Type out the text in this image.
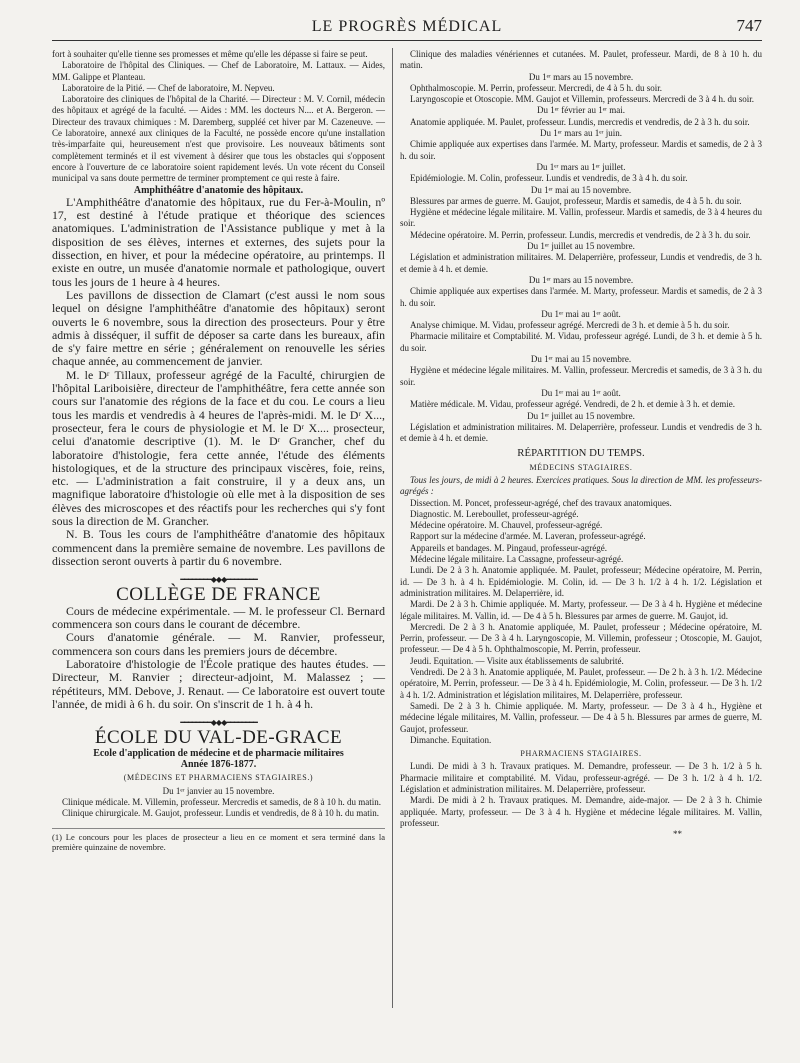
LE PROGRÈS MÉDICAL	747

fort à souhaiter qu'elle tienne ses promesses et même qu'elle les dépasse si faire se peut.

Laboratoire de l'hôpital des Cliniques. — Chef de Laboratoire, M. Lattaux. — Aides, MM. Galippe et Planteau.

Laboratoire de la Pitié. — Chef de laboratoire, M. Nepveu.

Laboratoire des cliniques de l'hôpital de la Charité. — Directeur : M. V. Cornil, médecin des hôpitaux et agrégé de la faculté. — Aides : MM. les docteurs N.... et A. Bergeron. — Directeur des travaux chimiques : M. Daremberg, suppléé cet hiver par M. Cazeneuve. — Ce laboratoire, annexé aux cliniques de la Faculté, ne possède encore qu'une installation très-imparfaite qui, heureusement n'est que provisoire. Les nouveaux bâtiments sont complètement terminés et il est vivement à désirer que tous les obstacles qui s'opposent encore à l'ouverture de ce laboratoire soient rapidement levés. Un vote récent du Conseil municipal va sans doute permettre de terminer promptement ce qui reste à faire.

Amphithéâtre d'anatomie des hôpitaux.

L'Amphithéâtre d'anatomie des hôpitaux, rue du Fer-à-Moulin, nº 17, est destiné à l'étude pratique et théorique des sciences anatomiques. L'administration de l'Assistance publique y met à la disposition de ses élèves, internes et externes, des sujets pour la dissection, en hiver, et pour la médecine opératoire, au printemps. Il existe en outre, un musée d'anatomie normale et pathologique, ouvert tous les jours de 1 heure à 4 heures.

Les pavillons de dissection de Clamart (c'est aussi le nom sous lequel on désigne l'amphithéâtre d'anatomie des hôpitaux) seront ouverts le 6 novembre, sous la direction des prosecteurs. Pour y être admis à disséquer, il suffit de déposer sa carte dans les bureaux, afin de s'y faire mettre en série ; généralement on renouvelle les séries chaque année, au commencement de janvier.

M. le Dʳ Tillaux, professeur agrégé de la Faculté, chirurgien de l'hôpital Lariboisière, directeur de l'amphithéâtre, fera cette année son cours sur l'anatomie des régions de la face et du cou. Le cours a lieu tous les mardis et vendredis à 4 heures de l'après-midi. M. le Dʳ X..., prosecteur, fera le cours de physiologie et M. le Dʳ X.... prosecteur, celui d'anatomie descriptive (1). M. le Dʳ Grancher, chef du laboratoire d'histologie, fera cette année, l'étude des éléments histologiques, et de la structure des principaux viscères, foie, reins, etc. — L'administration a fait construire, il y a deux ans, un magnifique laboratoire d'histologie où elle met à la disposition de ses élèves des microscopes et des réactifs pour les recherches qui s'y font sous la direction de M. Grancher.

N. B. Tous les cours de l'amphithéâtre d'anatomie des hôpitaux commencent dans la première semaine de novembre. Les pavillons de dissection seront ouverts à partir du 6 novembre.

━━━━━━━━◆◆◆━━━━━━━━
COLLÈGE DE FRANCE

Cours de médecine expérimentale. — M. le professeur Cl. Bernard commencera son cours dans le courant de décembre.

Cours d'anatomie générale. — M. Ranvier, professeur, commencera son cours dans les premiers jours de décembre.

Laboratoire d'histologie de l'École pratique des hautes études. — Directeur, M. Ranvier ; directeur-adjoint, M. Malassez ; — répétiteurs, MM. Debove, J. Renaut. — Ce laboratoire est ouvert toute l'année, de midi à 6 h. du soir. On s'inscrit de 1 h. à 4 h.

━━━━━━━━◆◆◆━━━━━━━━
ÉCOLE DU VAL-DE-GRACE
Ecole d'application de médecine et de pharmacie militaires
Année 1876-1877.
(MÉDECINS ET PHARMACIENS STAGIAIRES.)

Du 1ᵉʳ janvier au 15 novembre.

Clinique médicale. M. Villemin, professeur. Mercredis et samedis, de 8 à 10 h. du matin.

Clinique chirurgicale. M. Gaujot, professeur. Lundis et vendredis, de 8 à 10 h. du matin.

(1) Le concours pour les places de prosecteur a lieu en ce moment et sera terminé dans la première quinzaine de novembre.

Clinique des maladies vénériennes et cutanées. M. Paulet, professeur. Mardi, de 8 à 10 h. du matin.

Du 1ᵉʳ mars au 15 novembre.

Ophthalmoscopie. M. Perrin, professeur. Mercredi, de 4 à 5 h. du soir.

Laryngoscopie et Otoscopie. MM. Gaujot et Villemin, professeurs. Mercredi de 3 à 4 h. du soir.

Du 1ᵉʳ février au 1ᵉʳ mai.

Anatomie appliquée. M. Paulet, professeur. Lundis, mercredis et vendredis, de 2 à 3 h. du soir.

Du 1ᵉʳ mars au 1ᵉʳ juin.

Chimie appliquée aux expertises dans l'armée. M. Marty, professeur. Mardis et samedis, de 2 à 3 h. du soir.

Du 1ᵉʳ mars au 1ᵉʳ juillet.

Epidémiologie. M. Colin, professeur. Lundis et vendredis, de 3 à 4 h. du soir.

Du 1ᵉʳ mai au 15 novembre.

Blessures par armes de guerre. M. Gaujot, professeur, Mardis et samedis, de 4 à 5 h. du soir.

Hygiène et médecine légale militaire. M. Vallin, professeur. Mardis et samedis, de 3 à 4 heures du soir.

Médecine opératoire. M. Perrin, professeur. Lundis, mercredis et vendredis, de 2 à 3 h. du soir.

Du 1ᵉʳ juillet au 15 novembre.

Législation et administration militaires. M. Delaperrière, professeur, Lundis et vendredis, de 3 h. et demie à 4 h. et demie.

Du 1ᵉʳ mars au 15 novembre.

Chimie appliquée aux expertises dans l'armée. M. Marty, professeur. Mardis et samedis, de 2 à 3 h. du soir.

Du 1ᵉʳ mai au 1ᵉʳ août.

Analyse chimique. M. Vidau, professeur agrégé. Mercredi de 3 h. et demie à 5 h. du soir.

Pharmacie militaire et Comptabilité. M. Vidau, professeur agrégé. Lundi, de 3 h. et demie à 5 h. du soir.

Du 1ᵉʳ mai au 15 novembre.

Hygiène et médecine légale militaires. M. Vallin, professeur. Mercredis et samedis, de 3 à 3 h. du soir.

Du 1ᵉʳ mai au 1ᵉʳ août.

Matière médicale. M. Vidau, professeur agrégé. Vendredi, de 2 h. et demie à 3 h. et demie.

Du 1ᵉʳ juillet au 15 novembre.

Législation et administration militaires. M. Delaperrière, professeur. Lundis et vendredis de 3 h. et demie à 4 h. et demie.

RÉPARTITION DU TEMPS.
MÉDECINS STAGIAIRES.

Tous les jours, de midi à 2 heures. Exercices pratiques. Sous la direction de MM. les professeurs-agrégés :

Dissection. M. Poncet, professeur-agrégé, chef des travaux anatomiques.

Diagnostic. M. Lereboullet, professeur-agrégé.

Médecine opératoire. M. Chauvel, professeur-agrégé.

Rapport sur la médecine d'armée. M. Laveran, professeur-agrégé.

Appareils et bandages. M. Pingaud, professeur-agrégé.

Médecine légale militaire. La Cassagne, professeur-agrégé.

Lundi. De 2 à 3 h. Anatomie appliquée. M. Paulet, professeur; Médecine opératoire, M. Perrin, id. — De 3 h. à 4 h. Epidémiologie. M. Colin, id. — De 3 h. 1/2 à 4 h. 1/2. Législation et administration militaires. M. Delaperrière, id.

Mardi. De 2 à 3 h. Chimie appliquée. M. Marty, professeur. — De 3 à 4 h. Hygiène et médecine légale militaires. M. Vallin, id. — De 4 à 5 h. Blessures par armes de guerre. M. Gaujot, id.

Mercredi. De 2 à 3 h. Anatomie appliquée, M. Paulet, professeur ; Médecine opératoire, M. Perrin, professeur. — De 3 à 4 h. Laryngoscopie, M. Villemin, professeur ; Otoscopie, M. Gaujot, professeur. — De 4 à 5 h. Ophthalmoscopie, M. Perrin, professeur.

Jeudi. Equitation. — Visite aux établissements de salubrité.

Vendredi. De 2 à 3 h. Anatomie appliquée, M. Paulet, professeur. — De 2 h. à 3 h. 1/2. Médecine opératoire, M. Perrin, professeur. — De 3 à 4 h. Epidémiologie, M. Colin, professeur. — De 3 h. 1/2 à 4 h. 1/2. Administration et législation militaires, M. Delaperrière, professeur.

Samedi. De 2 à 3 h. Chimie appliquée. M. Marty, professeur. — De 3 à 4 h., Hygiène et médecine légale militaires, M. Vallin, professeur. — De 4 à 5 h. Blessures par armes de guerre, M. Gaujot, professeur.

Dimanche. Equitation.

PHARMACIENS STAGIAIRES.

Lundi. De midi à 3 h. Travaux pratiques. M. Demandre, professeur. — De 3 h. 1/2 à 5 h. Pharmacie militaire et comptabilité. M. Vidau, professeur-agrégé. — De 3 h. 1/2 à 4 h. 1/2. Législation et administration militaires. M. Delaperrière, professeur.

Mardi. De midi à 2 h. Travaux pratiques. M. Demandre, aide-major. — De 2 à 3 h. Chimie appliquée. Marty, professeur. — De 3 à 4 h. Hygiène et médecine légale militaires. M. Vallin, professeur.

**
